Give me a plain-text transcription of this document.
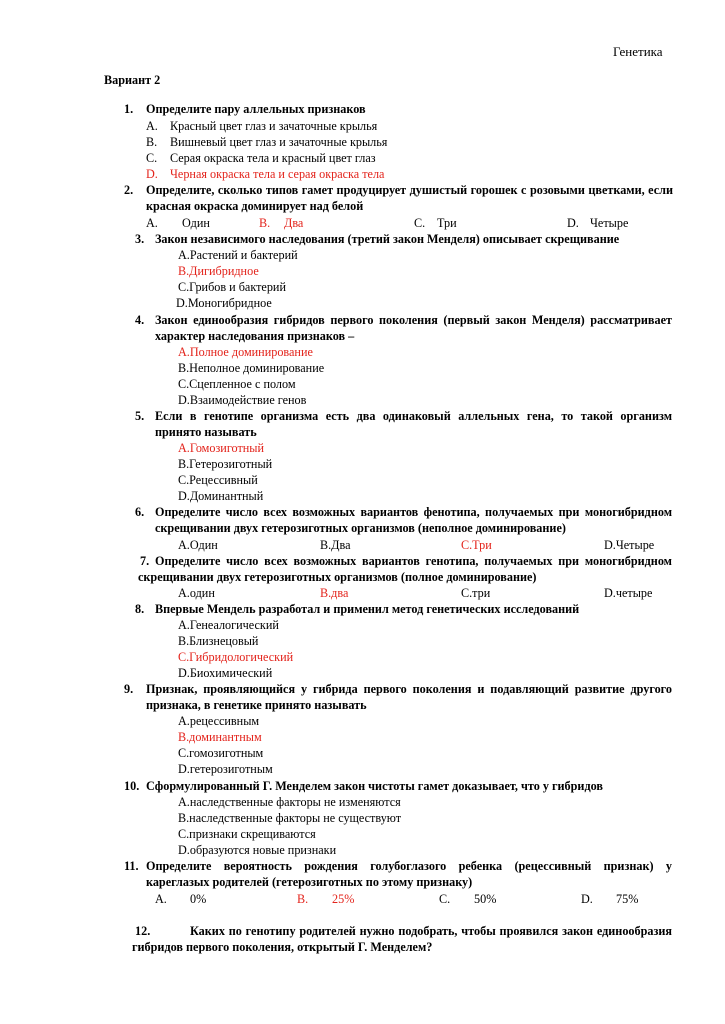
Генетика
Вариант 2
1. Определите пару аллельных признаков
A. Красный цвет глаз и зачаточные крылья
B. Вишневый цвет глаз и зачаточные крылья
C. Серая окраска тела и красный цвет глаз
D. Черная окраска тела и серая окраска тела
2. Определите, сколько типов гамет продуцирует душистый горошек с розовыми цветками, если
красная окраска доминирует над белой
A. Один	B. Два	C. Три	D. Четыре
3. Закон независимого наследования (третий закон Менделя) описывает скрещивание
A.Растений и бактерий
B.Дигибридное
C.Грибов и бактерий
D.Моногибридное
4. Закон единообразия гибридов первого поколения (первый закон Менделя) рассматривает
характер наследования признаков –
A.Полное доминирование
B.Неполное доминирование
C.Сцепленное с полом
D.Взаимодействие генов
5. Если в генотипе организма есть два одинаковый аллельных гена, то такой организм
принято называть
A.Гомозиготный
B.Гетерозиготный
C.Рецессивный
D.Доминантный
6. Определите число всех возможных вариантов фенотипа, получаемых при моногибридном
скрещивании двух гетерозиготных организмов (неполное доминирование)
A.Один	B.Два	C.Три	D.Четыре
7. Определите число всех возможных вариантов генотипа, получаемых при моногибридном
скрещивании двух гетерозиготных организмов (полное доминирование)
A.один	B.два	C.три	D.четыре
8. Впервые Мендель разработал и применил метод генетических исследований
A.Генеалогический
B.Близнецовый
C.Гибридологический
D.Биохимический
9. Признак, проявляющийся у гибрида первого поколения и подавляющий развитие другого
признака, в генетике принято называть
A.рецессивным
B.доминантным
C.гомозиготным
D.гетерозиготным
10. Сформулированный Г. Менделем закон чистоты гамет доказывает, что у гибридов
A.наследственные факторы не изменяются
B.наследственные факторы не существуют
C.признаки скрещиваются
D.образуются новые признаки
11. Определите вероятность рождения голубоглазого ребенка (рецессивный признак) у
кареглазых родителей (гетерозиготных по этому признаку)
A. 0%	B. 25%	C. 50%	D. 75%
12.	Каких по генотипу родителей нужно подобрать, чтобы проявился закон единообразия
гибридов первого поколения, открытый Г. Менделем?
